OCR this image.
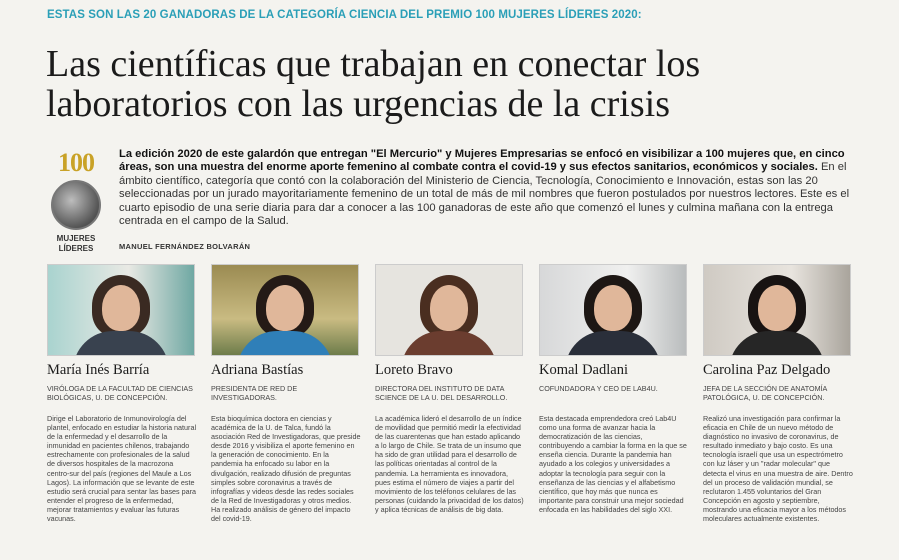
ESTAS SON LAS 20 GANADORAS DE LA CATEGORÍA CIENCIA DEL PREMIO 100 MUJERES LÍDERES 2020:
Las científicas que trabajan en conectar los laboratorios con las urgencias de la crisis
100
MUJERES
LÍDERES
La edición 2020 de este galardón que entregan "El Mercurio" y Mujeres Empresarias se enfocó en visibilizar a 100 mujeres que, en cinco áreas, son una muestra del enorme aporte femenino al combate contra el covid-19 y sus efectos sanitarios, económicos y sociales. En el ámbito científico, categoría que contó con la colaboración del Ministerio de Ciencia, Tecnología, Conocimiento e Innovación, estas son las 20 seleccionadas por un jurado mayoritariamente femenino de un total de más de mil nombres que fueron postulados por nuestros lectores. Este es el cuarto episodio de una serie diaria para dar a conocer a las 100 ganadoras de este año que comenzó el lunes y culmina mañana con la entrega centrada en el campo de la Salud.
MANUEL FERNÁNDEZ BOLVARÁN
María Inés Barría
VIRÓLOGA DE LA FACULTAD DE CIENCIAS BIOLÓGICAS, U. DE CONCEPCIÓN.
Dirige el Laboratorio de Inmunovirología del plantel, enfocado en estudiar la historia natural de la enfermedad y el desarrollo de la inmunidad en pacientes chilenos, trabajando estrechamente con profesionales de la salud de diversos hospitales de la macrozona centro-sur del país (regiones del Maule a Los Lagos). La información que se levante de este estudio será crucial para sentar las bases para entender el progreso de la enfermedad, mejorar tratamientos y evaluar las futuras vacunas.
Adriana Bastías
PRESIDENTA DE RED DE INVESTIGADORAS.
Esta bioquímica doctora en ciencias y académica de la U. de Talca, fundó la asociación Red de Investigadoras, que preside desde 2016 y visibiliza el aporte femenino en la generación de conocimiento. En la pandemia ha enfocado su labor en la divulgación, realizado difusión de preguntas simples sobre coronavirus a través de infografías y videos desde las redes sociales de la Red de Investigadoras y otros medios. Ha realizado análisis de género del impacto del covid-19.
Loreto Bravo
DIRECTORA DEL INSTITUTO DE DATA SCIENCE DE LA U. DEL DESARROLLO.
La académica lideró el desarrollo de un índice de movilidad que permitió medir la efectividad de las cuarentenas que han estado aplicando a lo largo de Chile. Se trata de un insumo que ha sido de gran utilidad para el desarrollo de las políticas orientadas al control de la pandemia. La herramienta es innovadora, pues estima el número de viajes a partir del movimiento de los teléfonos celulares de las personas (cuidando la privacidad de los datos) y aplica técnicas de análisis de big data.
Komal Dadlani
COFUNDADORA Y CEO DE LAB4U.
Esta destacada emprendedora creó Lab4U como una forma de avanzar hacia la democratización de las ciencias, contribuyendo a cambiar la forma en la que se enseña ciencia. Durante la pandemia han ayudado a los colegios y universidades a adoptar la tecnología para seguir con la enseñanza de las ciencias y el alfabetismo científico, que hoy más que nunca es importante para construir una mejor sociedad enfocada en las habilidades del siglo XXI.
Carolina Paz Delgado
JEFA DE LA SECCIÓN DE ANATOMÍA PATOLÓGICA, U. DE CONCEPCIÓN.
Realizó una investigación para confirmar la eficacia en Chile de un nuevo método de diagnóstico no invasivo de coronavirus, de resultado inmediato y bajo costo. Es una tecnología israelí que usa un espectrómetro con luz láser y un "radar molecular" que detecta el virus en una muestra de aire. Dentro del un proceso de validación mundial, se reclutaron 1.455 voluntarios del Gran Concepción en agosto y septiembre, mostrando una eficacia mayor a los métodos moleculares actualmente existentes.
